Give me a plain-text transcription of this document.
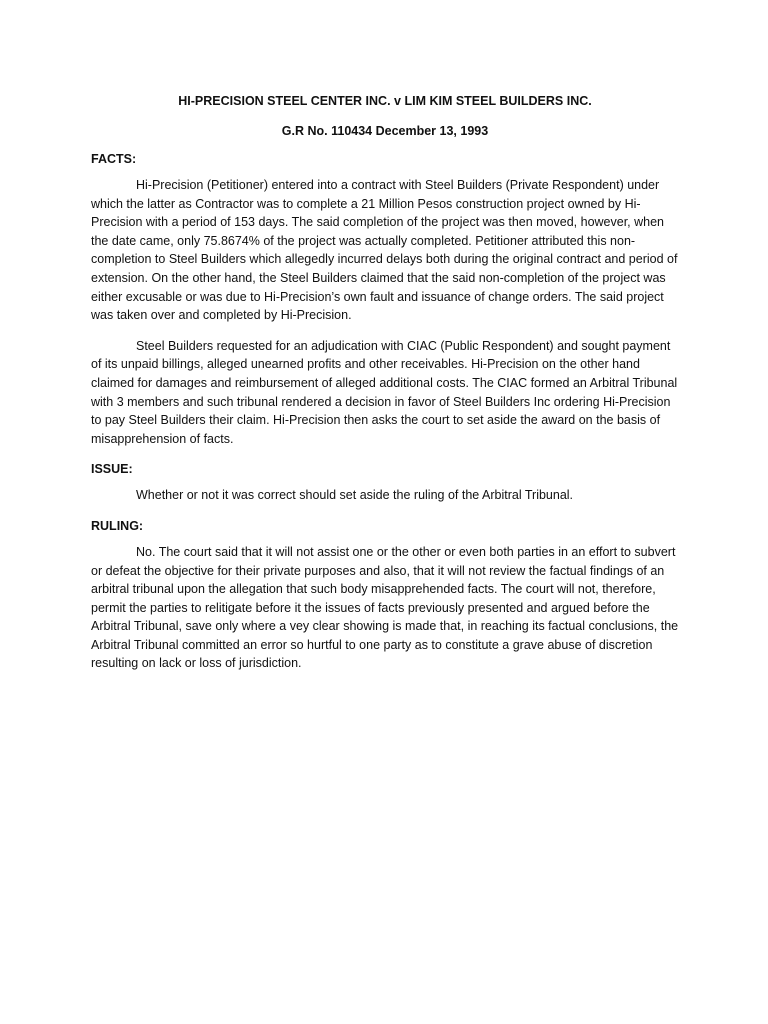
HI-PRECISION STEEL CENTER INC. v LIM KIM STEEL BUILDERS INC.
G.R No. 110434 December 13, 1993
FACTS:

Hi-Precision (Petitioner) entered into a contract with Steel Builders (Private Respondent) under which the latter as Contractor was to complete a 21 Million Pesos construction project owned by Hi-Precision with a period of 153 days. The said completion of the project was then moved, however, when the date came, only 75.8674% of the project was actually completed. Petitioner attributed this non-completion to Steel Builders which allegedly incurred delays both during the original contract and period of extension. On the other hand, the Steel Builders claimed that the said non-completion of the project was either excusable or was due to Hi-Precision’s own fault and issuance of change orders. The said project was taken over and completed by Hi-Precision.

Steel Builders requested for an adjudication with CIAC (Public Respondent) and sought payment of its unpaid billings, alleged unearned profits and other receivables. Hi-Precision on the other hand claimed for damages and reimbursement of alleged additional costs. The CIAC formed an Arbitral Tribunal with 3 members and such tribunal rendered a decision in favor of Steel Builders Inc ordering Hi-Precision to pay Steel Builders their claim. Hi-Precision then asks the court to set aside the award on the basis of misapprehension of facts.

ISSUE:

Whether or not it was correct should set aside the ruling of the Arbitral Tribunal.

RULING:

No. The court said that it will not assist one or the other or even both parties in an effort to subvert or defeat the objective for their private purposes and also, that it will not review the factual findings of an arbitral tribunal upon the allegation that such body misapprehended facts. The court will not, therefore, permit the parties to relitigate before it the issues of facts previously presented and argued before the Arbitral Tribunal, save only where a vey clear showing is made that, in reaching its factual conclusions, the Arbitral Tribunal committed an error so hurtful to one party as to constitute a grave abuse of discretion resulting on lack or loss of jurisdiction.
